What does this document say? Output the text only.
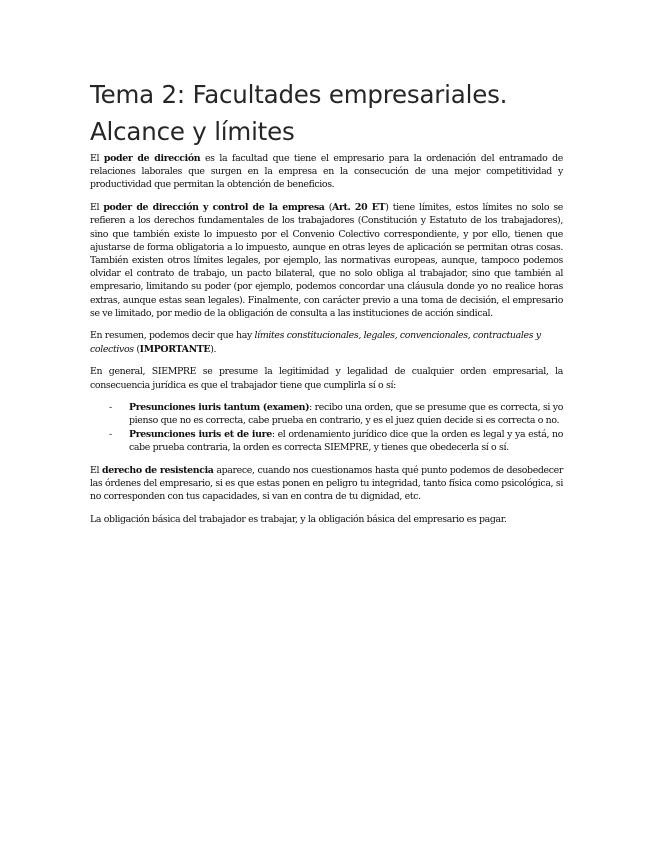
Tema 2: Facultades empresariales. Alcance y límites

El poder de dirección es la facultad que tiene el empresario para la ordenación del entramado de relaciones laborales que surgen en la empresa en la consecución de una mejor competitividad y productividad que permitan la obtención de beneficios.

El poder de dirección y control de la empresa (Art. 20 ET) tiene límites, estos límites no solo se refieren a los derechos fundamentales de los trabajadores (Constitución y Estatuto de los trabajadores), sino que también existe lo impuesto por el Convenio Colectivo correspondiente, y por ello, tienen que ajustarse de forma obligatoria a lo impuesto, aunque en otras leyes de aplicación se permitan otras cosas. También existen otros límites legales, por ejemplo, las normativas europeas, aunque, tampoco podemos olvidar el contrato de trabajo, un pacto bilateral, que no solo obliga al trabajador, sino que también al empresario, limitando su poder (por ejemplo, podemos concordar una cláusula donde yo no realice horas extras, aunque estas sean legales). Finalmente, con carácter previo a una toma de decisión, el empresario se ve limitado, por medio de la obligación de consulta a las instituciones de acción sindical.

En resumen, podemos decir que hay límites constitucionales, legales, convencionales, contractuales y colectivos (IMPORTANTE).

En general, SIEMPRE se presume la legitimidad y legalidad de cualquier orden empresarial, la consecuencia jurídica es que el trabajador tiene que cumplirla sí o sí:

- Presunciones iuris tantum (examen): recibo una orden, que se presume que es correcta, si yo pienso que no es correcta, cabe prueba en contrario, y es el juez quien decide si es correcta o no.
- Presunciones iuris et de iure: el ordenamiento jurídico dice que la orden es legal y ya está, no cabe prueba contraria, la orden es correcta SIEMPRE, y tienes que obedecerla sí o sí.

El derecho de resistencia aparece, cuando nos cuestionamos hasta qué punto podemos de desobedecer las órdenes del empresario, si es que estas ponen en peligro tu integridad, tanto física como psicológica, si no corresponden con tus capacidades, si van en contra de tu dignidad, etc.

La obligación básica del trabajador es trabajar, y la obligación básica del empresario es pagar.
